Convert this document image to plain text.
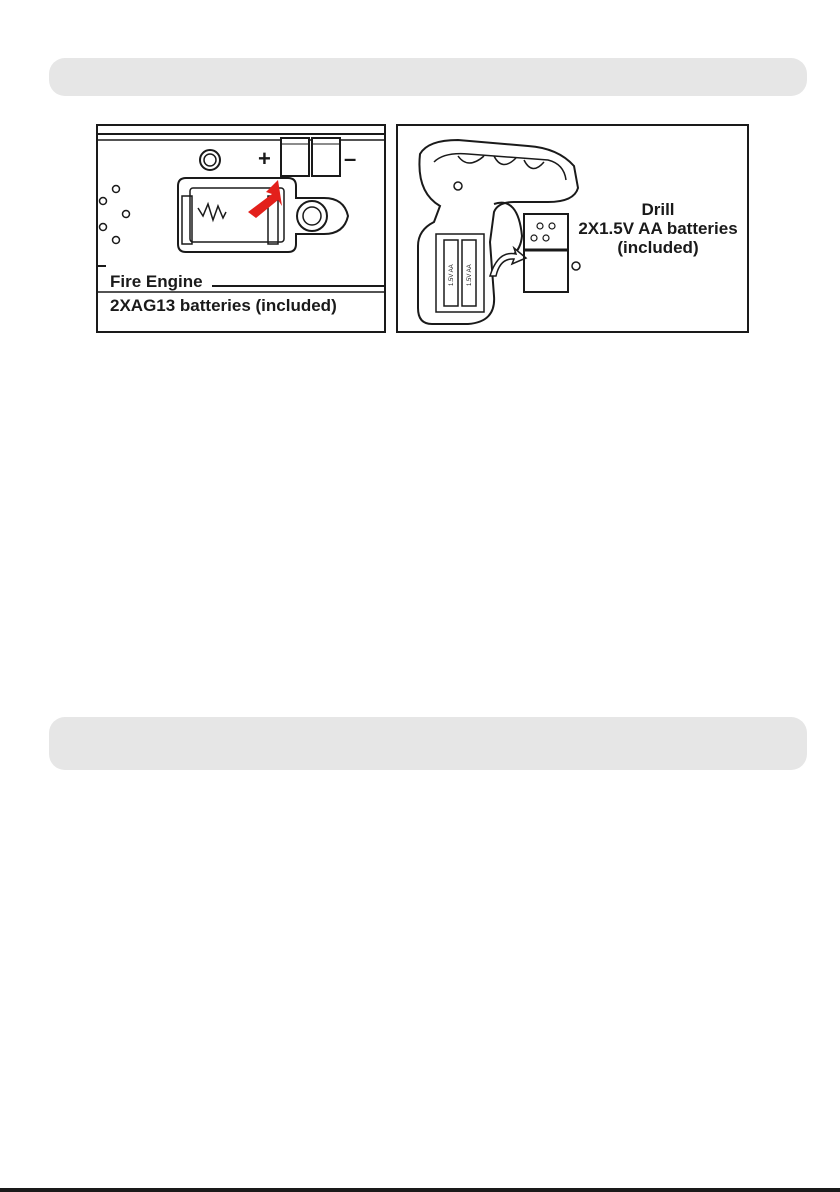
+	–
Fire Engine
2XAG13 batteries (included)
1.5V AA 1.5V AA
Drill
2X1.5V AA batteries
(included)
